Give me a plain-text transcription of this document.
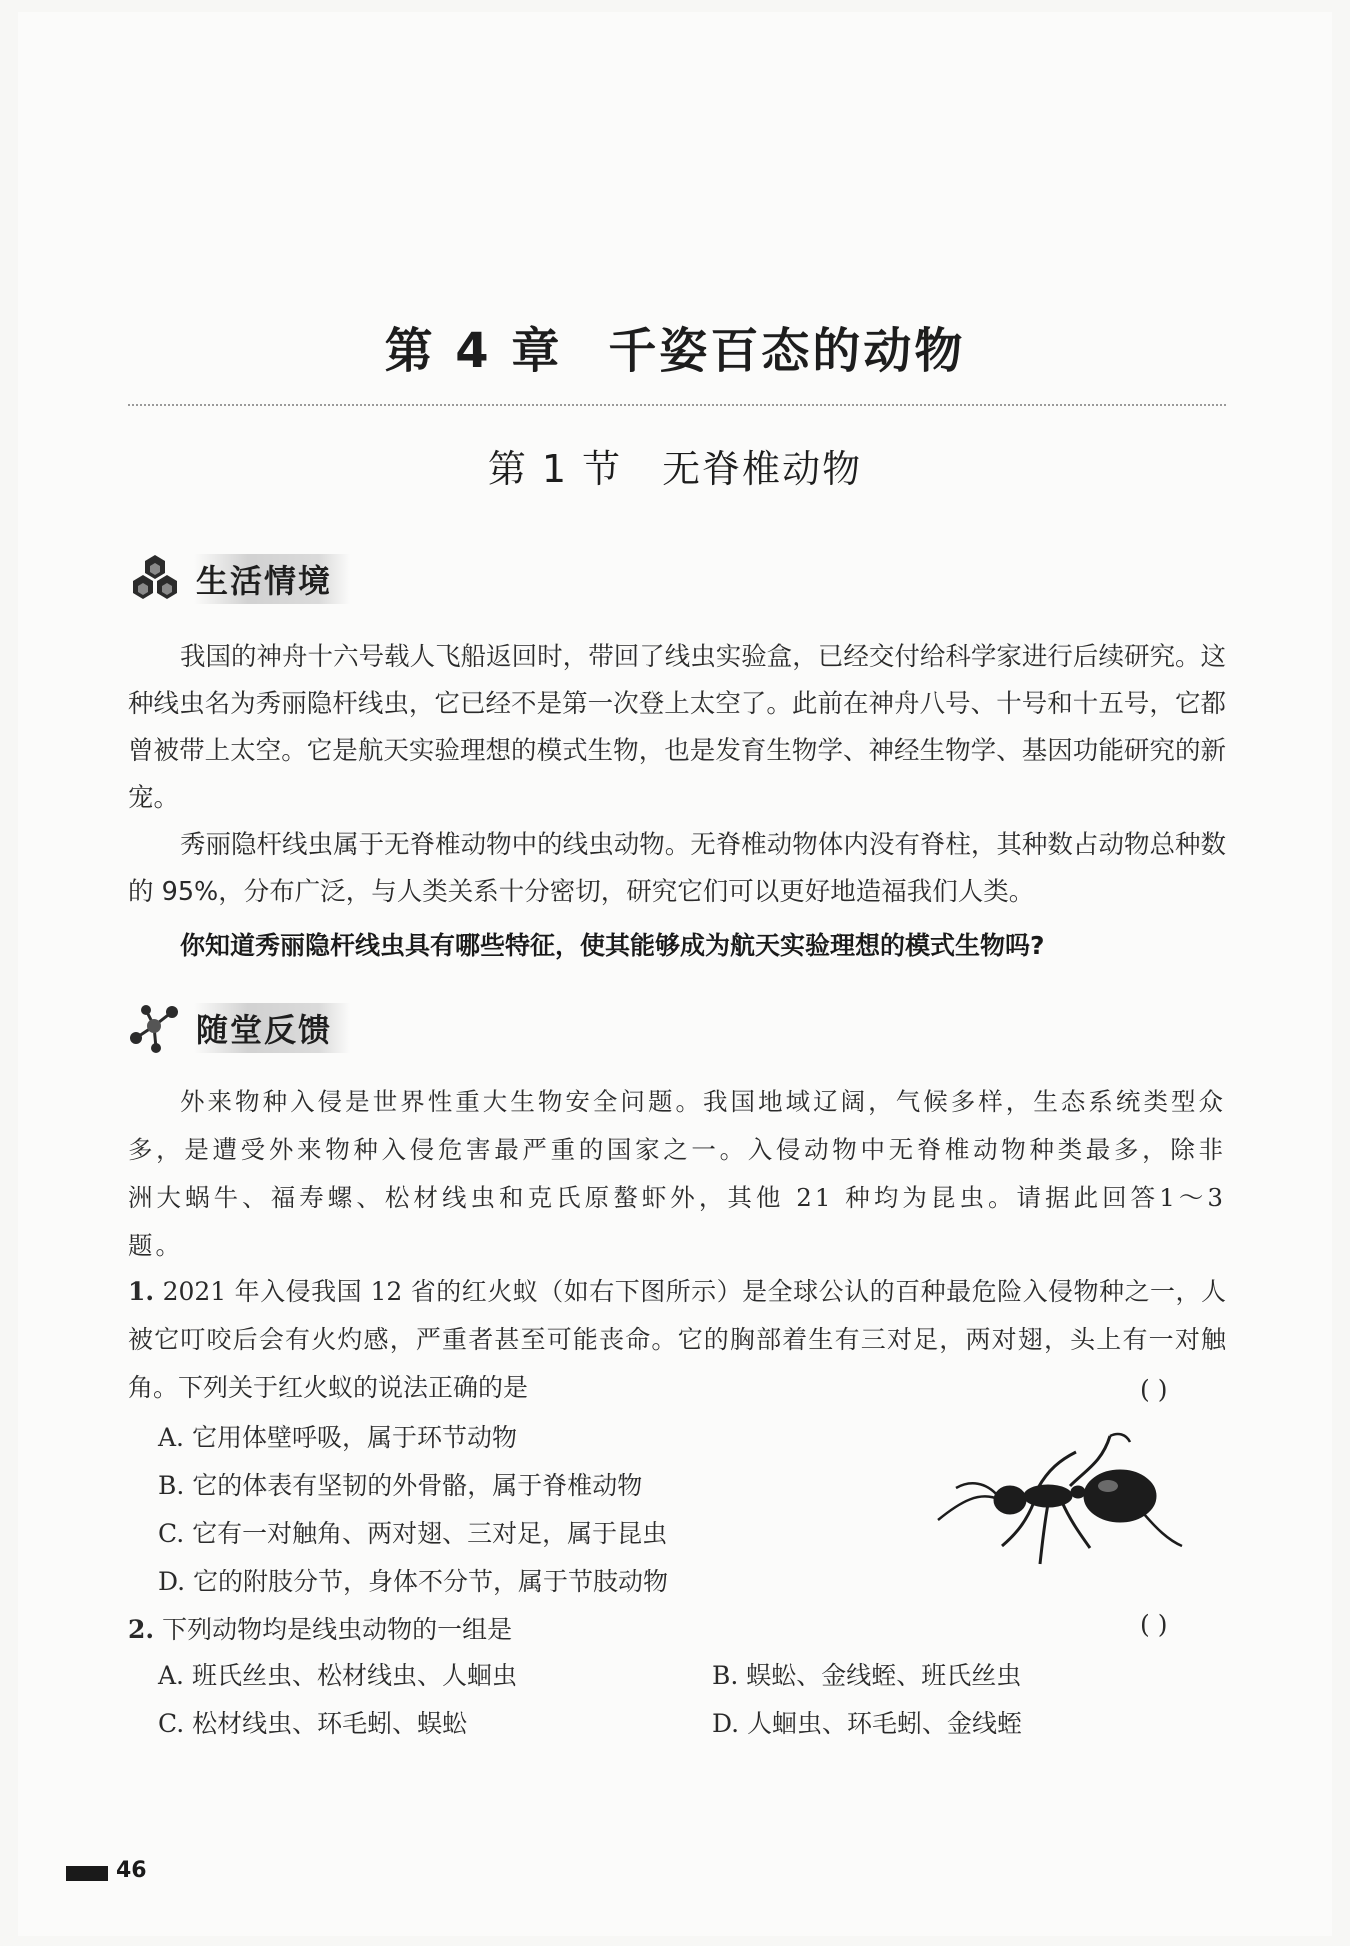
第 4 章 千姿百态的动物
第 1 节 无脊椎动物
生活情境
我国的神舟十六号载人飞船返回时，带回了线虫实验盒，已经交付给科学家进行后续研究。这种线虫名为秀丽隐杆线虫，它已经不是第一次登上太空了。此前在神舟八号、十号和十五号，它都曾被带上太空。它是航天实验理想的模式生物，也是发育生物学、神经生物学、基因功能研究的新宠。
秀丽隐杆线虫属于无脊椎动物中的线虫动物。无脊椎动物体内没有脊柱，其种数占动物总种数的 95%，分布广泛，与人类关系十分密切，研究它们可以更好地造福我们人类。
你知道秀丽隐杆线虫具有哪些特征，使其能够成为航天实验理想的模式生物吗?
随堂反馈
外来物种入侵是世界性重大生物安全问题。我国地域辽阔，气候多样，生态系统类型众多，是遭受外来物种入侵危害最严重的国家之一。入侵动物中无脊椎动物种类最多，除非洲大蜗牛、福寿螺、松材线虫和克氏原螯虾外，其他 21 种均为昆虫。请据此回答1～3 题。
1. 2021 年入侵我国 12 省的红火蚁（如右下图所示）是全球公认的百种最危险入侵物种之一，人被它叮咬后会有火灼感，严重者甚至可能丧命。它的胸部着生有三对足，两对翅，头上有一对触角。下列关于红火蚁的说法正确的是	( )
A. 它用体壁呼吸，属于环节动物
B. 它的体表有坚韧的外骨骼，属于脊椎动物
C. 它有一对触角、两对翅、三对足，属于昆虫
D. 它的附肢分节，身体不分节，属于节肢动物
2. 下列动物均是线虫动物的一组是	( )
A. 班氏丝虫、松材线虫、人蛔虫	B. 蜈蚣、金线蛭、班氏丝虫
C. 松材线虫、环毛蚓、蜈蚣	D. 人蛔虫、环毛蚓、金线蛭
46
